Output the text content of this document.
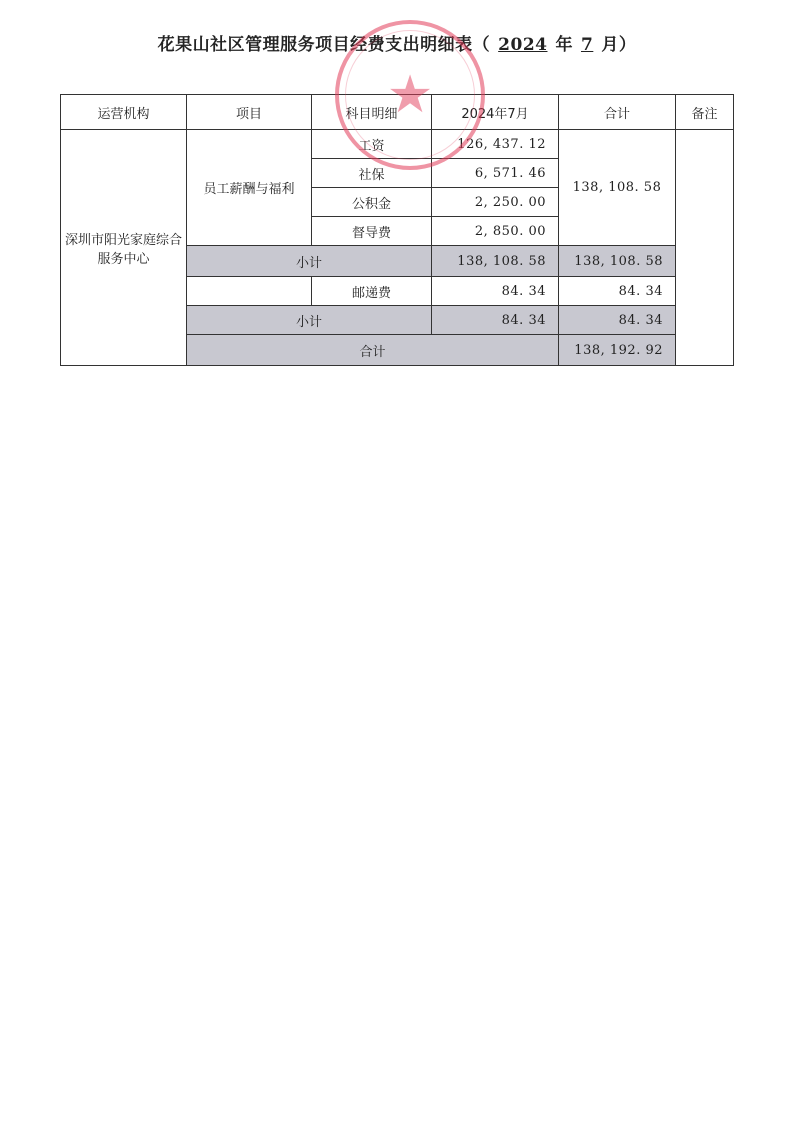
花果山社区管理服务项目经费支出明细表（ 2024 年 7 月）
运营机构	项目	科目明细	2024年7月	合计	备注
深圳市阳光家庭综合服务中心	员工薪酬与福利	工资	126, 437. 12	138, 108. 58	
		社保	6, 571. 46		
		公积金	2, 250. 00		
		督导费	2, 850. 00		
	小计		138, 108. 58	138, 108. 58	
		邮递费	84. 34	84. 34	
	小计		84. 34	84. 34	
	合计			138, 192. 92	
★
